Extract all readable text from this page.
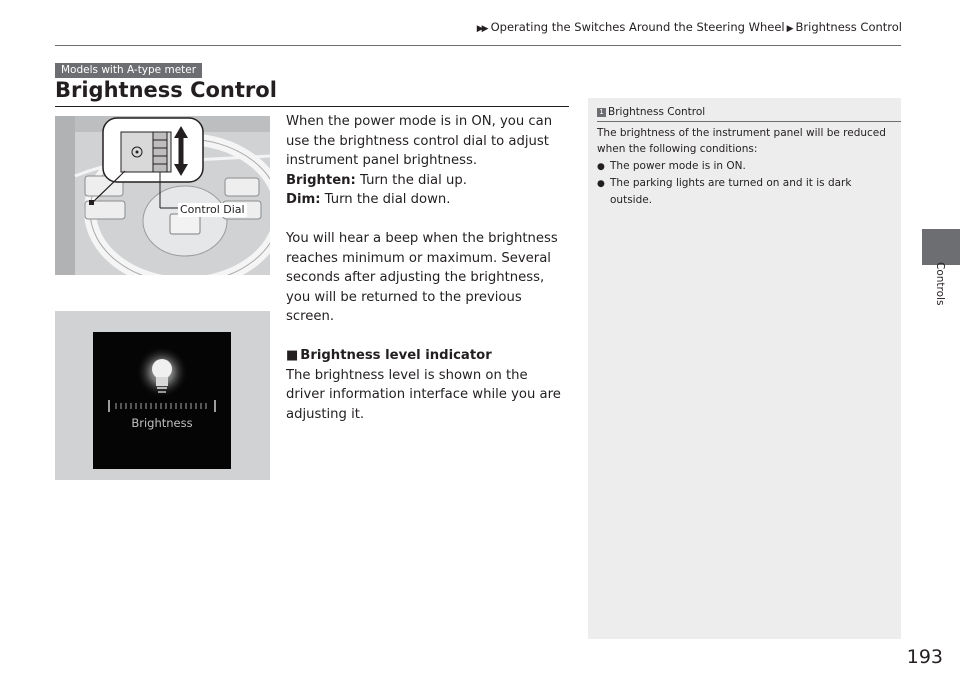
▶▶ Operating the Switches Around the Steering Wheel ▶ Brightness Control
Controls
Models with A-type meter
Brightness Control
Control Dial

When the power mode is in ON, you can use the brightness control dial to adjust instrument panel brightness.

Brighten: Turn the dial up.

Dim: Turn the dial down.

You will hear a beep when the brightness reaches minimum or maximum. Several seconds after adjusting the brightness, you will be returned to the previous screen.

■ Brightness level indicator

The brightness level is shown on the driver information interface while you are adjusting it.

Brightness
1 Brightness Control

The brightness of the instrument panel will be reduced when the following conditions:

● The power mode is in ON.

● The parking lights are turned on and it is dark outside.

193
